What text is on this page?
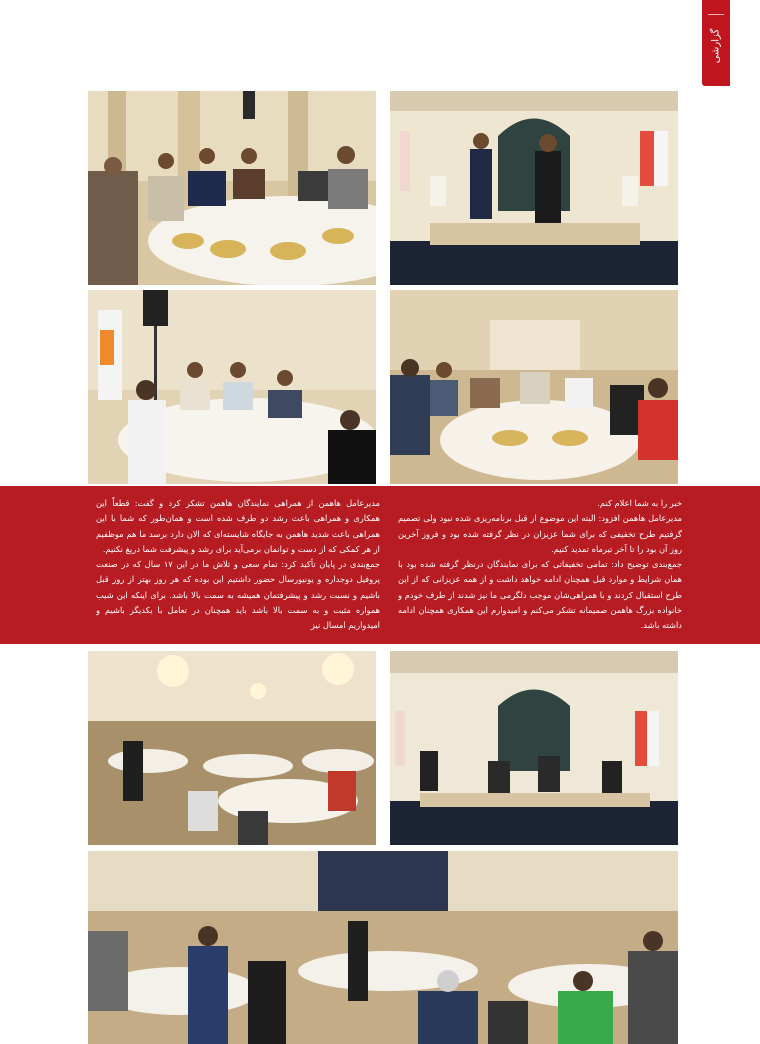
گزارشی

خبر را به شما اعلام کنم.

مدیرعامل هاهمن افزود: البته این موضوع از قبل برنامه‌ریزی شده نبود ولی تصمیم گرفتیم طرح تخفیفی که برای شما عزیزان در نظر گرفته شده بود و فروز آخرین روز آن بود را تا آخر تیرماه تمدید کنیم.

جمع‌بندی توضیح داد: تمامی تخفیفاتی که برای نمایندگان درنظر گرفته شده بود با همان شرایط و موارد قبل همچنان ادامه خواهد داشت و از همه عزیزانی که از این طرح استقبال کردند و با همراهی‌شان موجب دلگرمی ما نیز شدند از طرف خودم و خانواده بزرگ هاهمن صمیمانه تشکر می‌کنم و امیدوارم این همکاری همچنان ادامه داشته باشد.

مدیرعامل هاهمن از همراهی نمایندگان هاهمن تشکر کرد و گفت: قطعاً این همکاری و همراهی باعث رشد دو طرف شده است و همان‌طور که شما با این همراهی باعث شدید هاهمن به جایگاه شایسته‌ای که الان دارد برسد ما هم موظفیم از هر کمکی که از دست و توانمان برمی‌آید برای رشد و پیشرفت شما دریغ نکنیم.

جمع‌بندی در پایان تأکید کرد: تمام سعی و تلاش ما در این ۱۷ سال که در صنعت پروفیل دوجداره و یونیورسال حضور داشتیم این بوده که هر روز بهتر از روز قبل باشیم و نسبت رشد و پیشرفتمان همیشه به سمت بالا باشد. برای اینکه این شیب همواره مثبت و به سمت بالا باشد باید همچنان در تعامل با یکدیگر باشیم و امیدواریم امسال نیز
